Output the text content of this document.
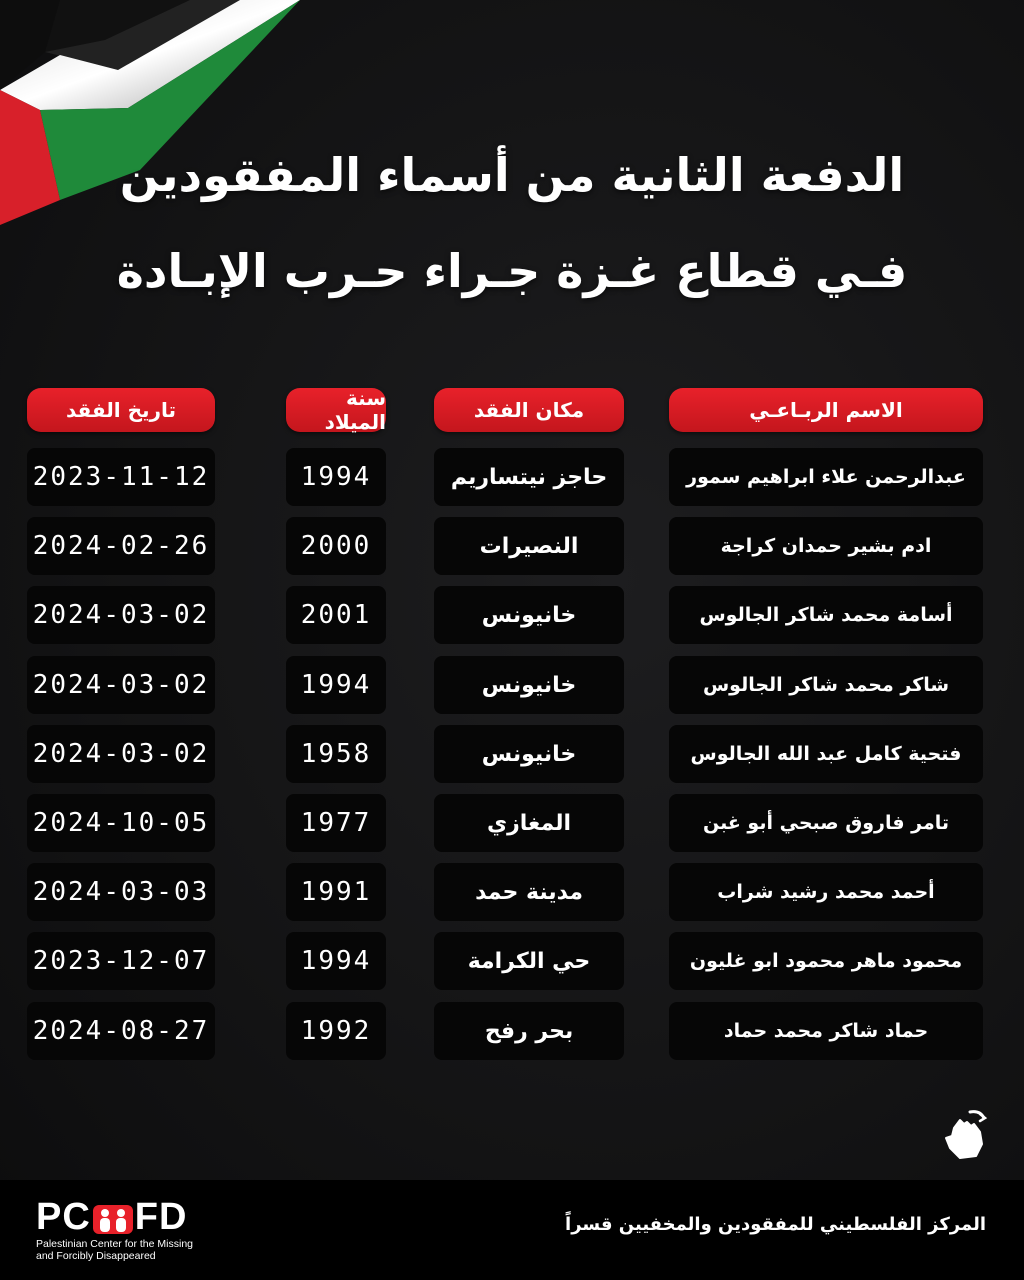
الدفعة الثانية من أسماء المفقودين
فـي قطاع غـزة جـراء حـرب الإبـادة
تاريخ الفقد	سنة الميلاد	مكان الفقد	الاسم الربـاعـي
2023-11-12	1994	حاجز نيتساريم	عبدالرحمن علاء ابراهيم سمور
2024-02-26	2000	النصيرات	ادم بشير حمدان كراجة
2024-03-02	2001	خانيونس	أسامة محمد شاكر الجالوس
2024-03-02	1994	خانيونس	شاكر محمد شاكر الجالوس
2024-03-02	1958	خانيونس	فتحية كامل عبد الله الجالوس
2024-10-05	1977	المغازي	تامر فاروق صبحي أبو غبن
2024-03-03	1991	مدينة حمد	أحمد محمد رشيد شراب
2023-12-07	1994	حي الكرامة	محمود ماهر محمود ابو غليون
2024-08-27	1992	بحر رفح	حماد شاكر محمد حماد
PC FD
Palestinian Center for the Missing
and Forcibly Disappeared
المركز الفلسطيني للمفقودين والمخفيين قسراً
